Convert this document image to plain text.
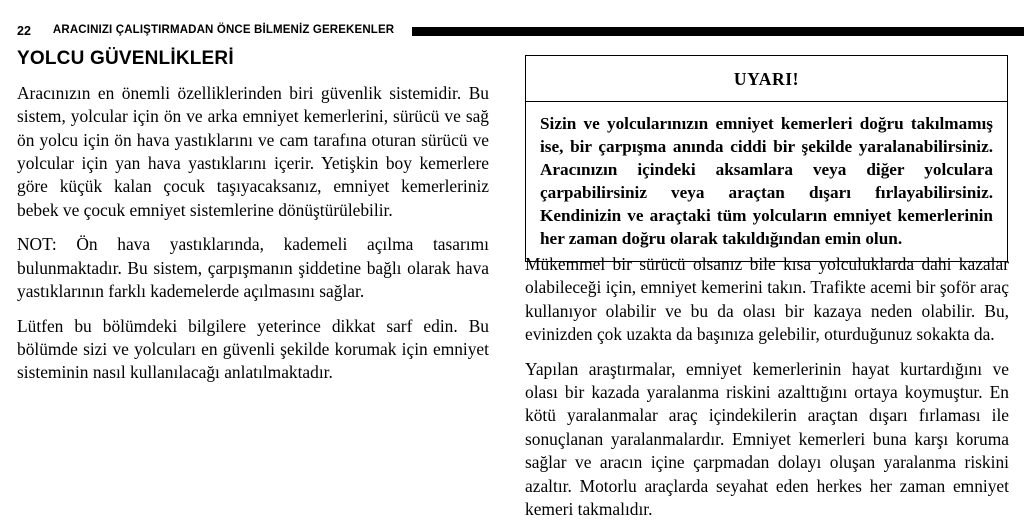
22 ARACINIZI ÇALIŞTIRMADAN ÖNCE BİLMENİZ GEREKENLER
YOLCU GÜVENLİKLERİ

Aracınızın en önemli özelliklerinden biri güvenlik sistemidir. Bu sistem, yolcular için ön ve arka emniyet kemerlerini, sürücü ve sağ ön yolcu için ön hava yastıklarını ve cam tarafına oturan sürücü ve yolcular için yan hava yastıklarını içerir. Yetişkin boy kemerlere göre küçük kalan çocuk taşıyacaksanız, emniyet kemerleriniz bebek ve çocuk emniyet sistemlerine dönüştürülebilir.

NOT: Ön hava yastıklarında, kademeli açılma tasarımı bulunmaktadır. Bu sistem, çarpışmanın şiddetine bağlı olarak hava yastıklarının farklı kademelerde açılmasını sağlar.

Lütfen bu bölümdeki bilgilere yeterince dikkat sarf edin. Bu bölümde sizi ve yolcuları en güvenli şekilde korumak için emniyet sisteminin nasıl kullanılacağı anlatılmaktadır.

UYARI!

Sizin ve yolcularınızın emniyet kemerleri doğru takılmamış ise, bir çarpışma anında ciddi bir şekilde yaralanabilirsiniz. Aracınızın içindeki aksamlara veya diğer yolculara çarpabilirsiniz veya araçtan dışarı fırlayabilirsiniz. Kendinizin ve araçtaki tüm yolcuların emniyet kemerlerinin her zaman doğru olarak takıldığından emin olun.

Mükemmel bir sürücü olsanız bile kısa yolculuklarda dahi kazalar olabileceği için, emniyet kemerini takın. Trafikte acemi bir şoför araç kullanıyor olabilir ve bu da olası bir kazaya neden olabilir. Bu, evinizden çok uzakta da başınıza gelebilir, oturduğunuz sokakta da.

Yapılan araştırmalar, emniyet kemerlerinin hayat kurtardığını ve olası bir kazada yaralanma riskini azalttığını ortaya koymuştur. En kötü yaralanmalar araç içindekilerin araçtan dışarı fırlaması ile sonuçlanan yaralanmalardır. Emniyet kemerleri buna karşı koruma sağlar ve aracın içine çarpmadan dolayı oluşan yaralanma riskini azaltır. Motorlu araçlarda seyahat eden herkes her zaman emniyet kemeri takmalıdır.
